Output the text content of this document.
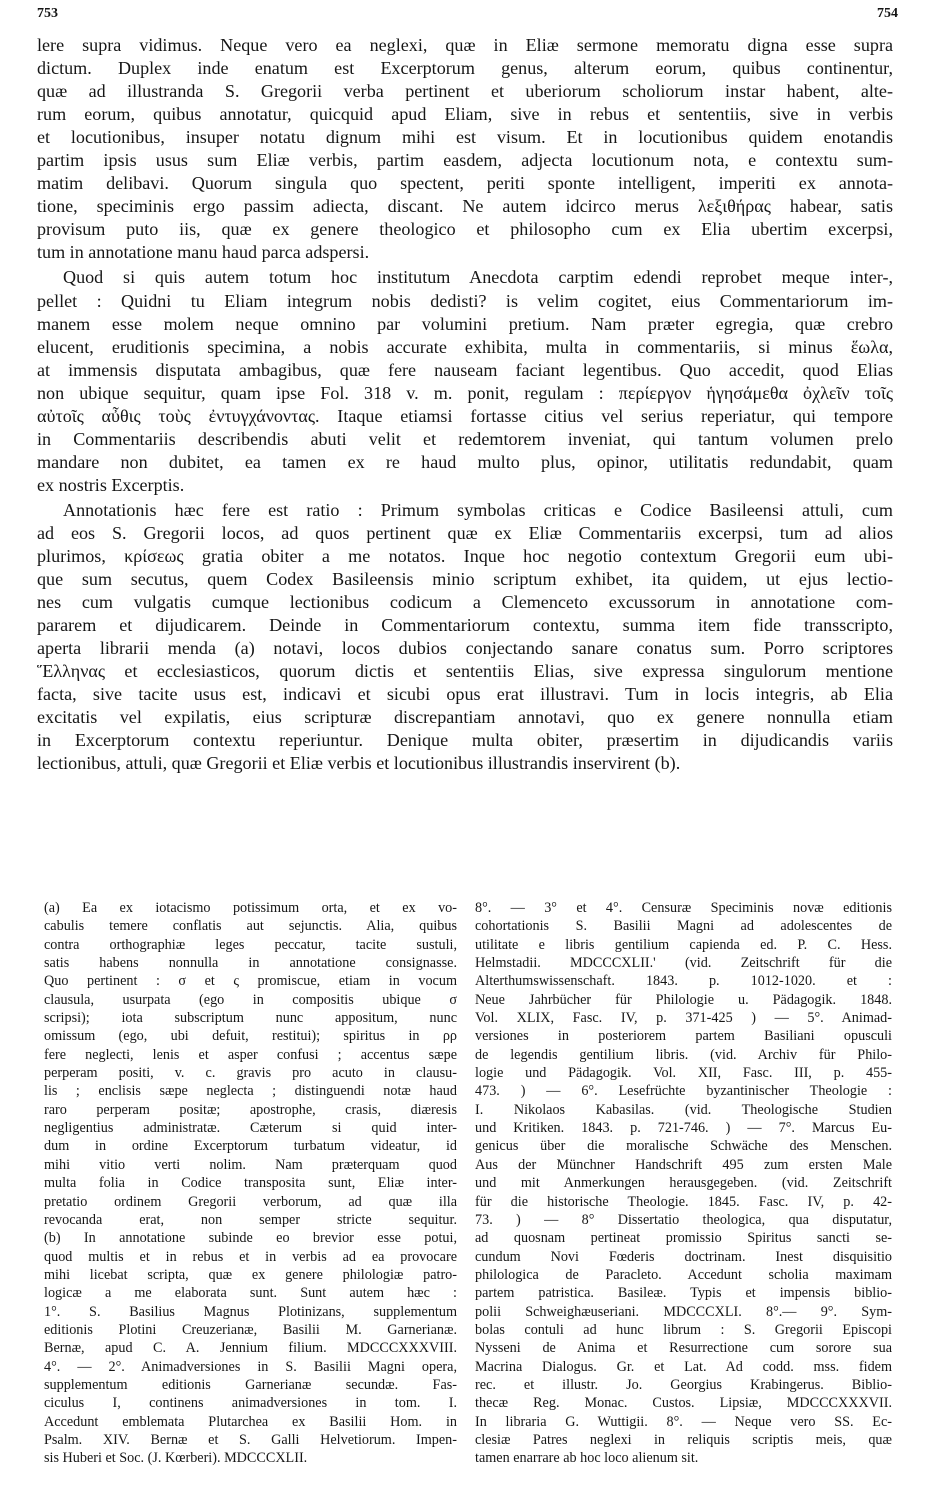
753	754

lere supra vidimus. Neque vero ea neglexi, quæ in Eliæ sermone memoratu digna esse supra
dictum. Duplex inde enatum est Excerptorum genus, alterum eorum, quibus continentur,
quæ ad illustranda S. Gregorii verba pertinent et uberiorum scholiorum instar habent, alte-
rum eorum, quibus annotatur, quicquid apud Eliam, sive in rebus et sententiis, sive in verbis
et locutionibus, insuper notatu dignum mihi est visum. Et in locutionibus quidem enotandis
partim ipsis usus sum Eliæ verbis, partim easdem, adjecta locutionum nota, e contextu sum-
matim delibavi. Quorum singula quo spectent, periti sponte intelligent, imperiti ex annota-
tione, speciminis ergo passim adiecta, discant. Ne autem idcirco merus λεξιθήρας habear, satis
provisum puto iis, quæ ex genere theologico et philosopho cum ex Elia ubertim excerpsi,
tum in annotatione manu haud parca adspersi.

Quod si quis autem totum hoc institutum Anecdota carptim edendi reprobet meque inter-,
pellet : Quidni tu Eliam integrum nobis dedisti? is velim cogitet, eius Commentariorum im-
manem esse molem neque omnino par volumini pretium. Nam præter egregia, quæ crebro
elucent, eruditionis specimina, a nobis accurate exhibita, multa in commentariis, si minus ἕωλα,
at immensis disputata ambagibus, quæ fere nauseam faciant legentibus. Quo accedit, quod Elias
non ubique sequitur, quam ipse Fol. 318 v. m. ponit, regulam : περίεργον ἡγησάμεθα ὀχλεῖν τοῖς
αὐτοῖς αὖθις τοὺς ἐντυγχάνοντας. Itaque etiamsi fortasse citius vel serius reperiatur, qui tempore
in Commentariis describendis abuti velit et redemtorem inveniat, qui tantum volumen prelo
mandare non dubitet, ea tamen ex re haud multo plus, opinor, utilitatis redundabit, quam
ex nostris Excerptis.

Annotationis hæc fere est ratio : Primum symbolas criticas e Codice Basileensi attuli, cum
ad eos S. Gregorii locos, ad quos pertinent quæ ex Eliæ Commentariis excerpsi, tum ad alios
plurimos, κρίσεως gratia obiter a me notatos. Inque hoc negotio contextum Gregorii eum ubi-
que sum secutus, quem Codex Basileensis minio scriptum exhibet, ita quidem, ut ejus lectio-
nes cum vulgatis cumque lectionibus codicum a Clemenceto excussorum in annotatione com-
pararem et dijudicarem. Deinde in Commentariorum contextu, summa item fide transscripto,
aperta librarii menda (a) notavi, locos dubios conjectando sanare conatus sum. Porro scriptores
Ἕλληνας et ecclesiasticos, quorum dictis et sententiis Elias, sive expressa singulorum mentione
facta, sive tacite usus est, indicavi et sicubi opus erat illustravi. Tum in locis integris, ab Elia
excitatis vel expilatis, eius scripturæ discrepantiam annotavi, quo ex genere nonnulla etiam
in Excerptorum contextu reperiuntur. Denique multa obiter, præsertim in dijudicandis variis
lectionibus, attuli, quæ Gregorii et Eliæ verbis et locutionibus illustrandis inservirent (b).

(a) Ea ex iotacismo potissimum orta, et ex vo-
cabulis temere conflatis aut sejunctis. Alia, quibus
contra orthographiæ leges peccatur, tacite sustuli,
satis habens nonnulla in annotatione consignasse.
Quo pertinent : σ et ς promiscue, etiam in vocum
clausula, usurpata (ego in compositis ubique σ
scripsi); iota subscriptum nunc appositum, nunc
omissum (ego, ubi defuit, restitui); spiritus in ρρ
fere neglecti, lenis et asper confusi ; accentus sæpe
perperam positi, v. c. gravis pro acuto in clausu-
lis ; enclisis sæpe neglecta ; distinguendi notæ haud
raro perperam positæ; apostrophe, crasis, diæresis
negligentius administratæ. Cæterum si quid inter-
dum in ordine Excerptorum turbatum videatur, id
mihi vitio verti nolim. Nam præterquam quod
multa folia in Codice transposita sunt, Eliæ inter-
pretatio ordinem Gregorii verborum, ad quæ illa
revocanda erat, non semper stricte sequitur.
(b) In annotatione subinde eo brevior esse potui,
quod multis et in rebus et in verbis ad ea provocare
mihi licebat scripta, quæ ex genere philologiæ patro-
logicæ a me elaborata sunt. Sunt autem hæc :
1°. S. Basilius Magnus Plotinizans, supplementum
editionis Plotini Creuzerianæ, Basilii M. Garnerianæ.
Bernæ, apud C. A. Jennium filium. MDCCCXXXVIII.
4°. — 2°. Animadversiones in S. Basilii Magni opera,
supplementum editionis Garnerianæ secundæ. Fas-
ciculus I, continens animadversiones in tom. I.
Accedunt emblemata Plutarchea ex Basilii Hom. in
Psalm. XIV. Bernæ et S. Galli Helvetiorum. Impen-
sis Huberi et Soc. (J. Kœrberi). MDCCCXLII.

8°. — 3° et 4°. Censuræ Speciminis novæ editionis
cohortationis S. Basilii Magni ad adolescentes de
utilitate e libris gentilium capienda ed. P. C. Hess.
Helmstadii. MDCCCXLII.' (vid. Zeitschrift für die
Alterthumswissenschaft. 1843. p. 1012-1020. et :
Neue Jahrbücher für Philologie u. Pädagogik. 1848.
Vol. XLIX, Fasc. IV, p. 371-425 ) — 5°. Animad-
versiones in posteriorem partem Basiliani opusculi
de legendis gentilium libris. (vid. Archiv für Philo-
logie und Pädagogik. Vol. XII, Fasc. III, p. 455-
473. ) — 6°. Lesefrüchte byzantinischer Theologie :
I. Nikolaos Kabasilas. (vid. Theologische Studien
und Kritiken. 1843. p. 721-746. ) — 7°. Marcus Eu-
genicus über die moralische Schwäche des Menschen.
Aus der Münchner Handschrift 495 zum ersten Male
und mit Anmerkungen herausgegeben. (vid. Zeitschrift
für die historische Theologie. 1845. Fasc. IV, p. 42-
73. ) — 8° Dissertatio theologica, qua disputatur,
ad quosnam pertineat promissio Spiritus sancti se-
cundum Novi Fœderis doctrinam. Inest disquisitio
philologica de Paracleto. Accedunt scholia maximam
partem patristica. Basileæ. Typis et impensis biblio-
polii Schweighæuseriani. MDCCCXLI. 8°.— 9°. Sym-
bolas contuli ad hunc librum : S. Gregorii Episcopi
Nysseni de Anima et Resurrectione cum sorore sua
Macrina Dialogus. Gr. et Lat. Ad codd. mss. fidem
rec. et illustr. Jo. Georgius Krabingerus. Biblio-
thecæ Reg. Monac. Custos. Lipsiæ, MDCCCXXXVII.
In libraria G. Wuttigii. 8°. — Neque vero SS. Ec-
clesiæ Patres neglexi in reliquis scriptis meis, quæ
tamen enarrare ab hoc loco alienum sit.
